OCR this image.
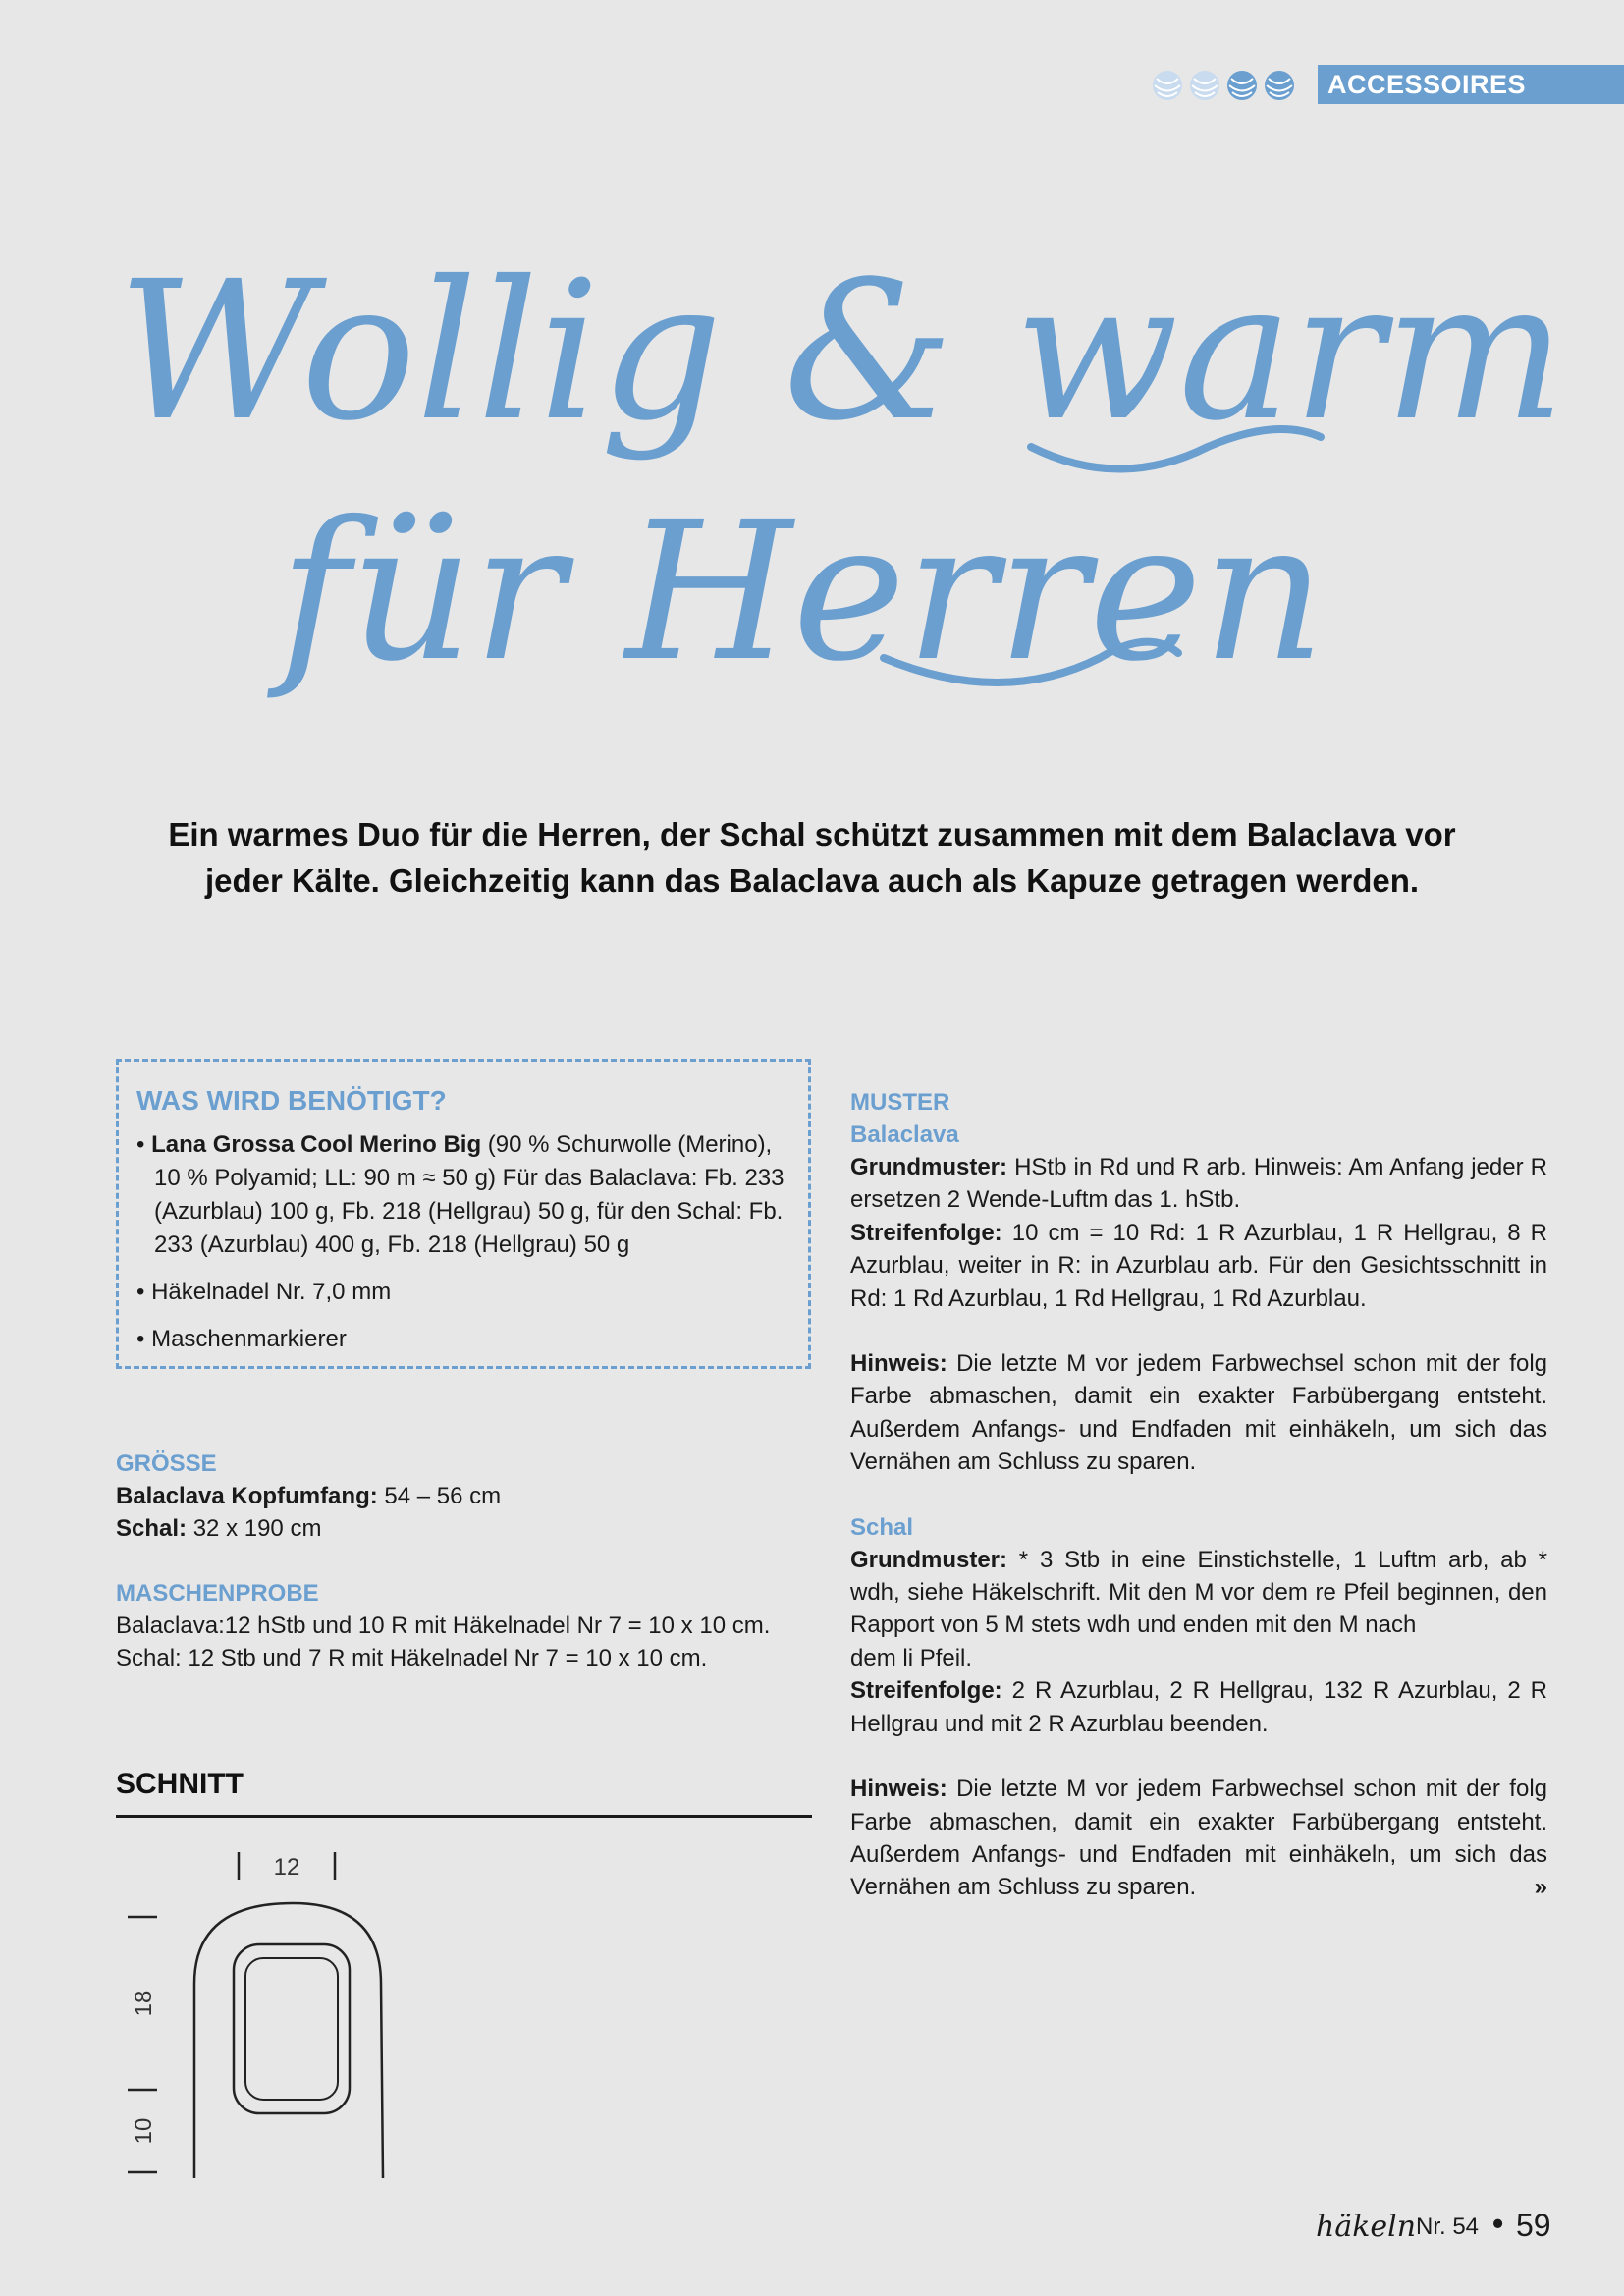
ACCESSOIRES
Wollig & warm
für Herren
Ein warmes Duo für die Herren, der Schal schützt zusammen mit dem Balaclava vor jeder Kälte. Gleichzeitig kann das Balaclava auch als Kapuze getragen werden.
WAS WIRD BENÖTIGT?
• Lana Grossa Cool Merino Big (90 % Schurwolle (Merino), 10 % Polyamid; LL: 90 m ≈ 50 g) Für das Balaclava: Fb. 233 (Azurblau) 100 g, Fb. 218 (Hellgrau) 50 g, für den Schal: Fb. 233 (Azurblau) 400 g, Fb. 218 (Hellgrau) 50 g
• Häkelnadel Nr. 7,0 mm
• Maschenmarkierer
GRÖSSE
Balaclava Kopfumfang: 54 – 56 cm
Schal: 32 x 190 cm
MASCHENPROBE
Balaclava:12 hStb und 10 R mit Häkelnadel Nr 7 = 10 x 10 cm.
Schal: 12 Stb und 7 R mit Häkelnadel Nr 7 = 10 x 10 cm.
SCHNITT
12
18
10
MUSTER
Balaclava

Grundmuster: HStb in Rd und R arb. Hinweis: Am Anfang jeder R ersetzen 2 Wende-Luftm das 1. hStb.

Streifenfolge: 10 cm = 10 Rd: 1 R Azurblau, 1 R Hellgrau, 8 R Azurblau, weiter in R: in Azurblau arb. Für den Gesichtsschnitt in Rd: 1 Rd Azurblau, 1 Rd Hellgrau, 1 Rd Azurblau.

Hinweis: Die letzte M vor jedem Farbwechsel schon mit der folg Farbe abmaschen, damit ein exakter Farbübergang entsteht. Außerdem Anfangs- und Endfaden mit einhäkeln, um sich das Vernähen am Schluss zu sparen.

Schal

Grundmuster: * 3 Stb in eine Einstichstelle, 1 Luftm arb, ab * wdh, siehe Häkelschrift. Mit den M vor dem re Pfeil beginnen, den Rapport von 5 M stets wdh und enden mit den M nach

dem li Pfeil.

Streifenfolge: 2 R Azurblau, 2 R Hellgrau, 132 R Azurblau, 2 R Hellgrau und mit 2 R Azurblau beenden.

Hinweis: Die letzte M vor jedem Farbwechsel schon mit der folg Farbe abmaschen, damit ein exakter Farbübergang entsteht. Außerdem Anfangs- und Endfaden mit einhäkeln, um sich das Vernähen am Schluss zu sparen.	»

häkeln Nr. 54 • 59
